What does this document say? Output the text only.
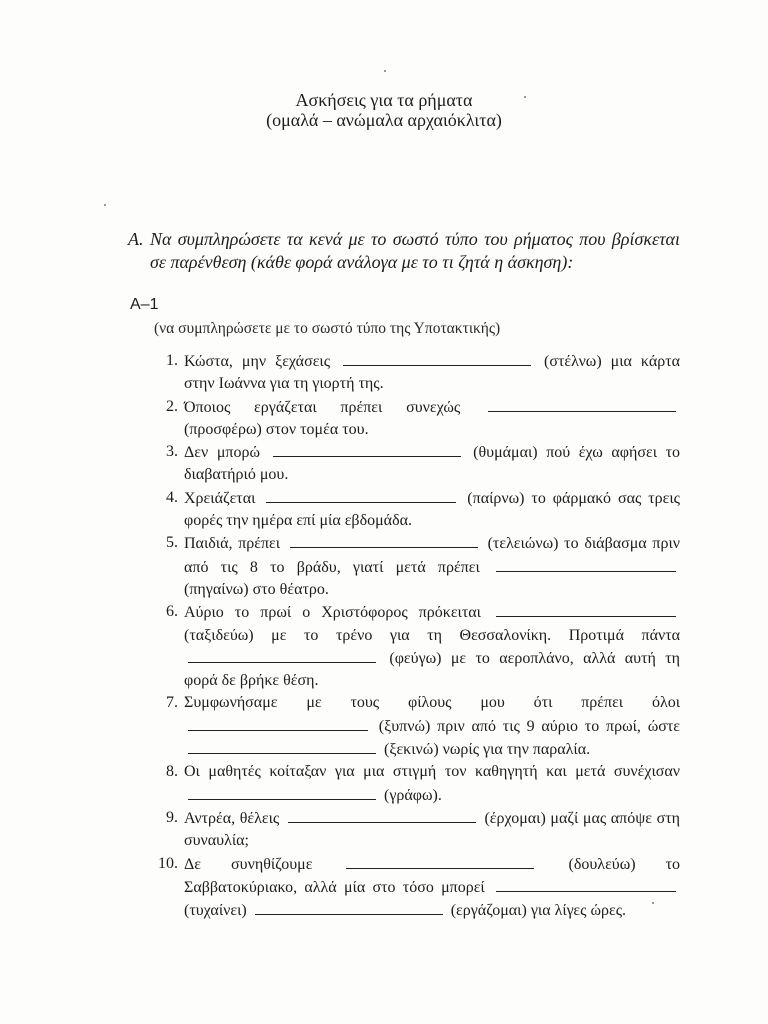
Ασκήσεις για τα ρήματα
(ομαλά – ανώμαλα αρχαιόκλιτα)
Α. Να συμπληρώσετε τα κενά με το σωστό τύπο του ρήματος που βρίσκεται σε παρένθεση (κάθε φορά ανάλογα με το τι ζητά η άσκηση):
Α–1
(να συμπληρώσετε με το σωστό τύπο της Υποτακτικής)
1. Κώστα, μην ξεχάσεις	(στέλνω) μια κάρτα στην Ιωάννα για τη γιορτή της.
2. Όποιος εργάζεται πρέπει συνεχώς  (προσφέρω) στον τομέα του.
3. Δεν μπορώ	(θυμάμαι) πού έχω αφήσει το διαβατήριό μου.
4. Χρειάζεται	(παίρνω) το φάρμακό σας τρεις φορές την ημέρα επί μία εβδομάδα.
5. Παιδιά, πρέπει	(τελειώνω) το διάβασμα πριν από τις 8 το βράδυ, γιατί μετά πρέπει  (πηγαίνω) στο θέατρο.
6. Αύριο το πρωί ο Χριστόφορος πρόκειται  (ταξιδεύω) με το τρένο για τη Θεσσαλονίκη. Προτιμά πάντα  (φεύγω) με το αεροπλάνο, αλλά αυτή τη φορά δε βρήκε θέση.
7. Συμφωνήσαμε με τους φίλους μου ότι πρέπει όλοι  (ξυπνώ) πριν από τις 9 αύριο το πρωί, ώστε  (ξεκινώ) νωρίς για την παραλία.
8. Οι μαθητές κοίταξαν για μια στιγμή τον καθηγητή και μετά συνέχισαν  (γράφω).
9. Αντρέα, θέλεις	(έρχομαι) μαζί μας απόψε στη συναυλία;
10. Δε συνηθίζουμε	(δουλεύω) το Σαββατοκύριακο, αλλά μία στο τόσο μπορεί  (τυχαίνει)	(εργάζομαι) για λίγες ώρες.
